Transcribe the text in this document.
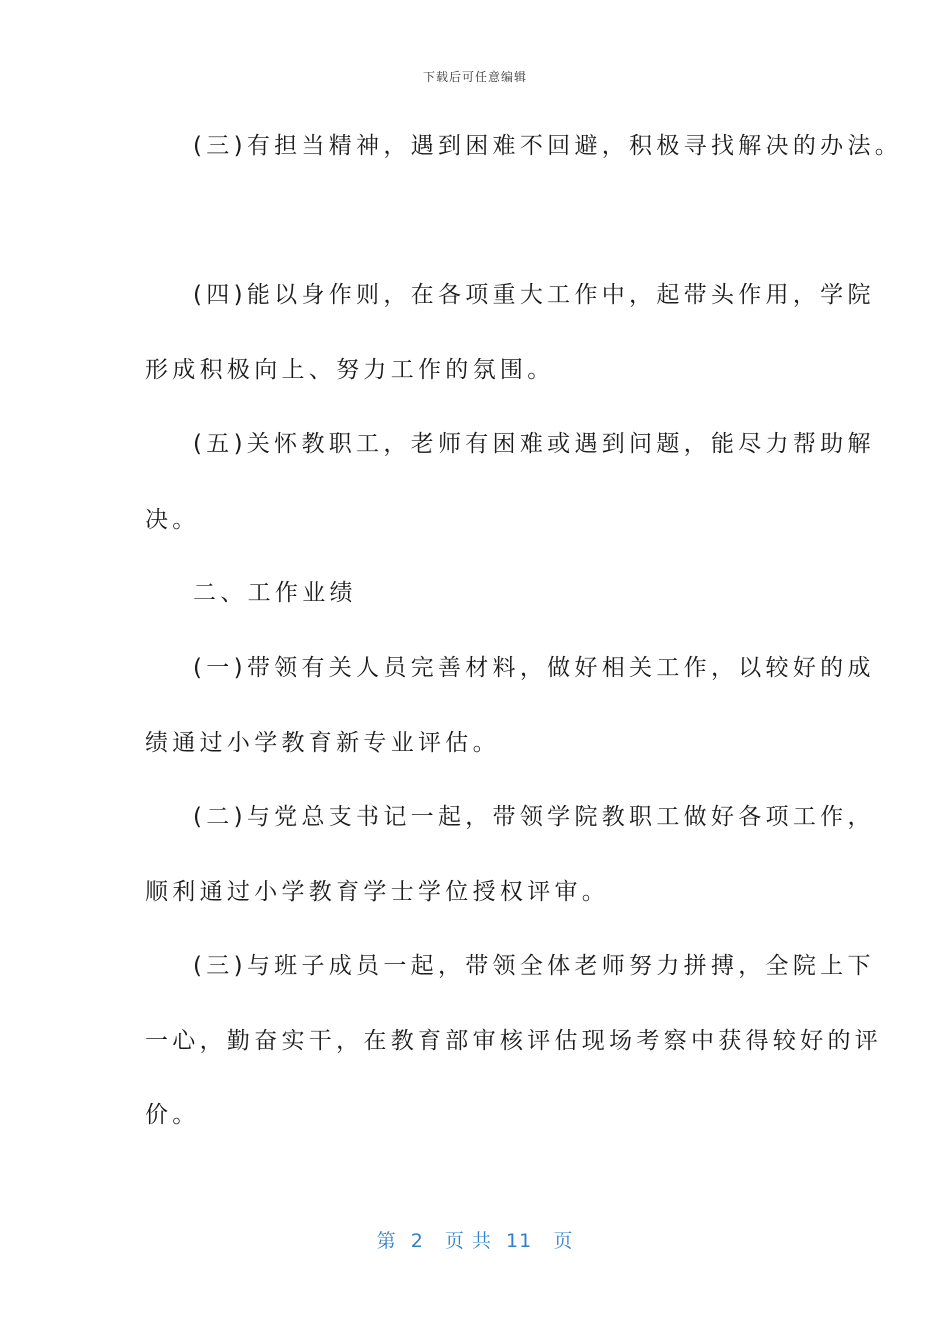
下载后可任意编辑
(三)有担当精神，遇到困难不回避，积极寻找解决的办法。
(四)能以身作则，在各项重大工作中，起带头作用，学院
形成积极向上、努力工作的氛围。
(五)关怀教职工，老师有困难或遇到问题，能尽力帮助解
决。
二、工作业绩
(一)带领有关人员完善材料，做好相关工作，以较好的成
绩通过小学教育新专业评估。
(二)与党总支书记一起，带领学院教职工做好各项工作，
顺利通过小学教育学士学位授权评审。
(三)与班子成员一起，带领全体老师努力拼搏，全院上下
一心，勤奋实干，在教育部审核评估现场考察中获得较好的评
价。
第  2   页 共  11   页
